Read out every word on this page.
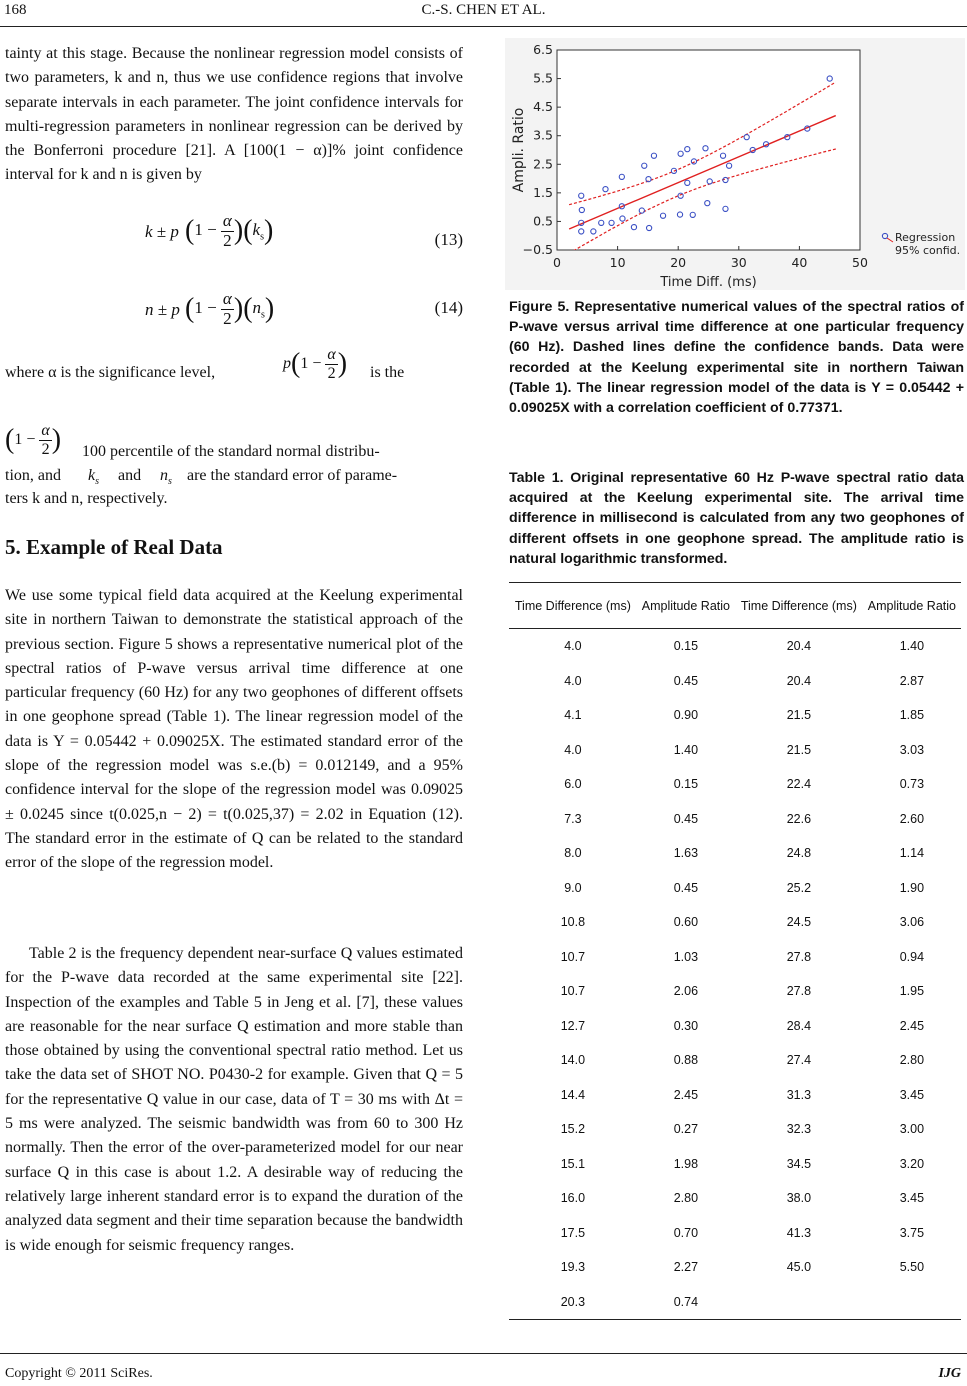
168	C.-S. CHEN ET AL.

tainty at this stage. Because the nonlinear regression model consists of two parameters, k and n, thus we use confidence regions that involve separate intervals in each parameter. The joint confidence intervals for multi-regression parameters in nonlinear regression can be derived by the Bonferroni procedure [21]. A [100(1 − α)]% joint confidence interval for k and n is given by

k ± p $(1 - \frac{\alpha}{2} )(k_s)$	(13)
n ± p $(1 - \frac{\alpha}{2} )(n_s)$	(14)
where α is the significance level,
$p(1 - \frac{\alpha}{2}$ ) is the
($1 - \frac{\alpha}{2}$ ) 100 percentile of the standard normal distribu-
tion, and $k_s$ and $n_s$ are the standard error of parame-
ters k and n, respectively.
5. Example of Real Data

We use some typical field data acquired at the Keelung experimental site in northern Taiwan to demonstrate the statistical approach of the previous section. Figure 5 shows a representative numerical plot of the spectral ratios of P-wave versus arrival time difference at one particular frequency (60 Hz) for any two geophones of different offsets in one geophone spread (Table 1). The linear regression model of the data is Y = 0.05442 + 0.09025X. The estimated standard error of the slope of the regression model was s.e.(b) = 0.012149, and a 95% confidence interval for the slope of the regression model was 0.09025 ± 0.0245 since t(0.025,n − 2) = t(0.025,37) = 2.02 in Equation (12). The standard error in the estimate of Q can be related to the standard error of the slope of the regression model.

Table 2 is the frequency dependent near-surface Q values estimated for the P-wave data recorded at the same experimental site [22]. Inspection of the examples and Table 5 in Jeng et al. [7], these values are reasonable for the near surface Q estimation and more stable than those obtained by using the conventional spectral ratio method. Let us take the data set of SHOT NO. P0430-2 for example. Given that Q = 5 for the representative Q value in our case, data of T = 30 ms with Δt = 5 ms were analyzed. The seismic bandwidth was from 60 to 300 Hz normally. Then the error of the over-parameterized model for our near surface Q in this case is about 1.2. A desirable way of reducing the relatively large inherent standard error is to expand the duration of the analyzed data segment and their time separation because the bandwidth is wide enough for seismic frequency ranges.

0	10	20	30	40	50
−0.5
0.5
1.5
2.5
3.5
4.5
5.5
6.5
Time Diff. (ms)
Ampli. Ratio
Regression
95% confid.

Figure 5. Representative numerical values of the spectral ratios of P-wave versus arrival time difference at one particular frequency (60 Hz). Dashed lines define the confidence bands. Data were recorded at the Keelung experimental site in northern Taiwan (Table 1). The linear regression model of the data is Y = 0.05442 + 0.09025X with a correlation coefficient of 0.77371.

Table 1. Original representative 60 Hz P-wave spectral ratio data acquired at the Keelung experimental site. The arrival time difference in millisecond is calculated from any two geophones of different offsets in one geophone spread. The amplitude ratio is natural logarithmic transformed.

Time Difference (ms)	Amplitude Ratio	Time Difference (ms)	Amplitude Ratio
4.0	0.15	20.4	1.40
4.0	0.45	20.4	2.87
4.1	0.90	21.5	1.85
4.0	1.40	21.5	3.03
6.0	0.15	22.4	0.73
7.3	0.45	22.6	2.60
8.0	1.63	24.8	1.14
9.0	0.45	25.2	1.90
10.8	0.60	24.5	3.06
10.7	1.03	27.8	0.94
10.7	2.06	27.8	1.95
12.7	0.30	28.4	2.45
14.0	0.88	27.4	2.80
14.4	2.45	31.3	3.45
15.2	0.27	32.3	3.00
15.1	1.98	34.5	3.20
16.0	2.80	38.0	3.45
17.5	0.70	41.3	3.75
19.3	2.27	45.0	5.50
20.3	0.74		
Copyright © 2011 SciRes.	IJG
